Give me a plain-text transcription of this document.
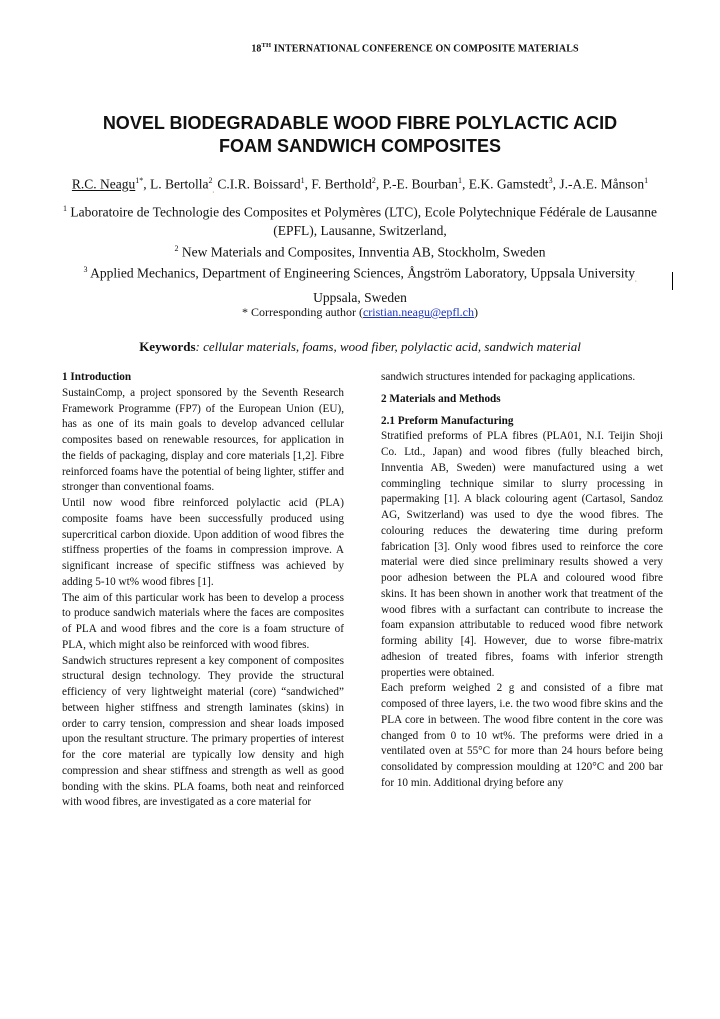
18TH INTERNATIONAL CONFERENCE ON COMPOSITE MATERIALS
NOVEL BIODEGRADABLE WOOD FIBRE POLYLACTIC ACID
FOAM SANDWICH COMPOSITES
R.C. Neagu$^{1*}$, L. Bertolla$^2_,$ C.I.R. Boissard$^1$, F. Berthold$^2$, P.-E. Bourban$^1$, E.K. Gamstedt$^3$, J.-A.E. Månson$^1$
$^1$ Laboratoire de Technologie des Composites et Polymères (LTC), Ecole Polytechnique Fédérale de Lausanne (EPFL), Lausanne, Switzerland,
$^2$ New Materials and Composites, Innventia AB, Stockholm, Sweden
$^3$ Applied Mechanics, Department of Engineering Sciences, Ångström Laboratory, Uppsala University$_,$ Uppsala, Sweden
* Corresponding author (cristian.neagu@epfl.ch)
Keywords: cellular materials, foams, wood fiber, polylactic acid, sandwich material

1 Introduction

SustainComp, a project sponsored by the Seventh Research Framework Programme (FP7) of the European Union (EU), has as one of its main goals to develop advanced cellular composites based on renewable resources, for application in the fields of packaging, display and core materials [1,2]. Fibre reinforced foams have the potential of being lighter, stiffer and stronger than conventional foams.

Until now wood fibre reinforced polylactic acid (PLA) composite foams have been successfully produced using supercritical carbon dioxide. Upon addition of wood fibres the stiffness properties of the foams in compression improve. A significant increase of specific stiffness was achieved by adding 5-10 wt% wood fibres [1].

The aim of this particular work has been to develop a process to produce sandwich materials where the faces are composites of PLA and wood fibres and the core is a foam structure of PLA, which might also be reinforced with wood fibres.

Sandwich structures represent a key component of composites structural design technology. They provide the structural efficiency of very lightweight material (core) “sandwiched” between higher stiffness and strength laminates (skins) in order to carry tension, compression and shear loads imposed upon the resultant structure. The primary properties of interest for the core material are typically low density and high compression and shear stiffness and strength as well as good bonding with the skins. PLA foams, both neat and reinforced with wood fibres, are investigated as a core material for

sandwich structures intended for packaging applications.

2 Materials and Methods

2.1 Preform Manufacturing

Stratified preforms of PLA fibres (PLA01, N.I. Teijin Shoji Co. Ltd., Japan) and wood fibres (fully bleached birch, Innventia AB, Sweden) were manufactured using a wet commingling technique similar to slurry processing in papermaking [1]. A black colouring agent (Cartasol, Sandoz AG, Switzerland) was used to dye the wood fibres. The colouring reduces the dewatering time during preform fabrication [3]. Only wood fibres used to reinforce the core material were died since preliminary results showed a very poor adhesion between the PLA and coloured wood fibre skins. It has been shown in another work that treatment of the wood fibres with a surfactant can contribute to increase the foam expansion attributable to reduced wood fibre network forming ability [4]. However, due to worse fibre-matrix adhesion of treated fibres, foams with inferior strength properties were obtained.

Each preform weighed 2 g and consisted of a fibre mat composed of three layers, i.e. the two wood fibre skins and the PLA core in between. The wood fibre content in the core was changed from 0 to 10 wt%. The preforms were dried in a ventilated oven at 55°C for more than 24 hours before being consolidated by compression moulding at 120°C and 200 bar for 10 min. Additional drying before any
